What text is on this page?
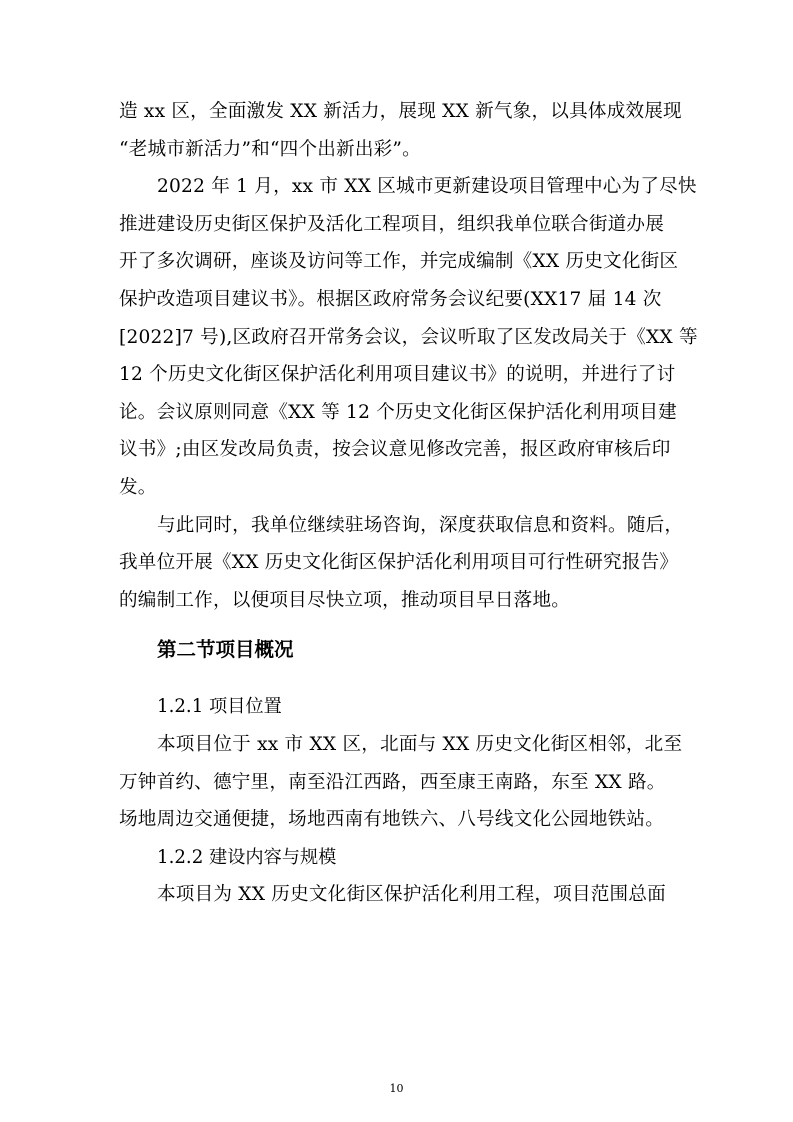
造 xx 区，全面激发 XX 新活力，展现 XX 新气象，以具体成效展现
“老城市新活力”和“四个出新出彩”。

2022 年 1 月，xx 市 XX 区城市更新建设项目管理中心为了尽快
推进建设历史街区保护及活化工程项目，组织我单位联合街道办展
开了多次调研，座谈及访问等工作，并完成编制《XX 历史文化街区
保护改造项目建议书》。根据区政府常务会议纪要(XX17 届 14 次
[2022]7 号),区政府召开常务会议，会议听取了区发改局关于《XX 等
12 个历史文化街区保护活化利用项目建议书》的说明，并进行了讨
论。会议原则同意《XX 等 12 个历史文化街区保护活化利用项目建
议书》;由区发改局负责，按会议意见修改完善，报区政府审核后印
发。

与此同时，我单位继续驻场咨询，深度获取信息和资料。随后，
我单位开展《XX 历史文化街区保护活化利用项目可行性研究报告》
的编制工作，以便项目尽快立项，推动项目早日落地。

第二节项目概况

1.2.1 项目位置

本项目位于 xx 市 XX 区，北面与 XX 历史文化街区相邻，北至
万钟首约、德宁里，南至沿江西路，西至康王南路，东至 XX 路。
场地周边交通便捷，场地西南有地铁六、八号线文化公园地铁站。

1.2.2 建设内容与规模

本项目为 XX 历史文化街区保护活化利用工程，项目范围总面

10
